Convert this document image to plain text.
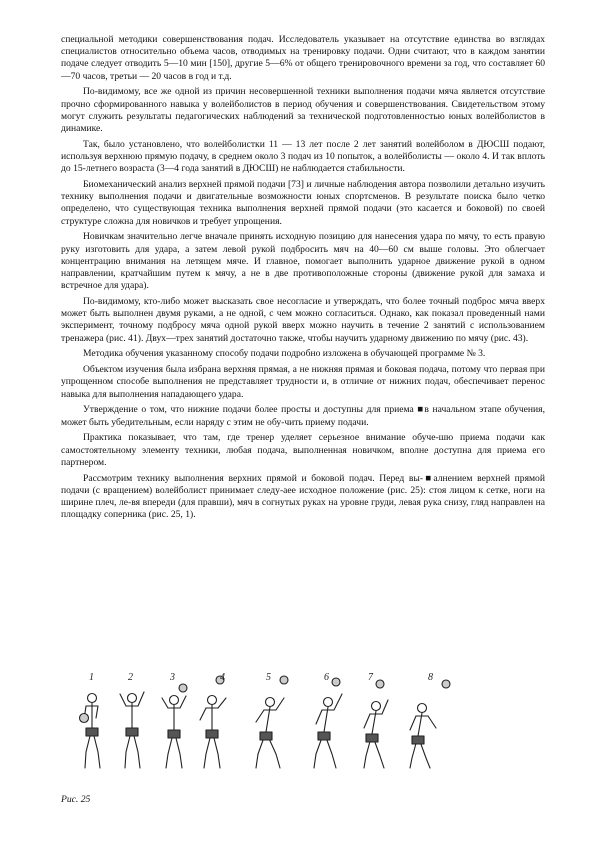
специальной методики совершенствования подач. Исследователь указывает на отсутствие единства во взглядах специалистов относительно объема часов, отводимых на тренировку подачи. Одни считают, что в каждом занятии подаче следует отводить 5—10 мин [150], другие 5—6% от общего тренировочного времени за год, что составляет 60—70 часов, третьи — 20 часов в год и т.д.

По-видимому, все же одной из причин несовершенной техники выполнения подачи мяча является отсутствие прочно сформированного навыка у волейболистов в период обучения и совершенствования. Свидетельством этому могут служить результаты педагогических наблюдений за технической подготовленностью юных волейболистов в динамике.

Так, было установлено, что волейболистки 11 — 13 лет после 2 лет занятий волейболом в ДЮСШ подают, используя верхнюю прямую подачу, в среднем около 3 подач из 10 попыток, а волейболисты — около 4. И так вплоть до 15-летнего возраста (3—4 года занятий в ДЮСШ) не наблюдается стабильности.

Биомеханический анализ верхней прямой подачи [73] и личные наблюдения автора позволили детально изучить технику выполнения подачи и двигательные возможности юных спортсменов. В результате поиска было четко определено, что существующая техника выполнения верхней прямой подачи (это касается и боковой) по своей структуре сложна для новичков и требует упрощения.

Новичкам значительно легче вначале принять исходную позицию для нанесения удара по мячу, то есть правую руку изготовить для удара, а затем левой рукой подбросить мяч на 40—60 см выше головы. Это облегчает концентрацию внимания на летящем мяче. И главное, помогает выполнить ударное движение рукой в одном направлении, кратчайшим путем к мячу, а не в две противоположные стороны (движение рукой для замаха и встречное для удара).

По-видимому, кто-либо может высказать свое несогласие и утверждать, что более точный подброс мяча вверх может быть выполнен двумя руками, а не одной, с чем можно согласиться. Однако, как показал проведенный нами эксперимент, точному подбросу мяча одной рукой вверх можно научить в течение 2 занятий с использованием тренажера (рис. 41). Двух—трех занятий достаточно также, чтобы научить ударному движению по мячу (рис. 43).

Методика обучения указанному способу подачи подробно изложена в обучающей программе № 3.

Объектом изучения была избрана верхняя прямая, а не нижняя прямая и боковая подача, потому что первая при упрощенном способе выполнения не представляет трудности и, в отличие от нижних подач, обеспечивает перенос навыка для выполнения нападающего удара.

Утверждение о том, что нижние подачи более просты и доступны для приема ■в начальном этапе обучения, может быть убедительным, если наряду с этим не обу-чить приему подачи.

Практика показывает, что там, где тренер уделяет серьезное внимание обуче-шю приема подачи как самостоятельному элементу техники, любая подача, выполненная новичком, вполне доступна для приема его партнером.

Рассмотрим технику выполнения верхних прямой и боковой подач. Перед вы-■алнением верхней прямой подачи (с вращением) волейболист принимает следу-аее исходное положение (рис. 25): стоя лицом к сетке, ноги на ширине плеч, ле-вя впереди (для правши), мяч в согнутых руках на уровне груди, левая рука снизу, гляд направлен на площадку соперника (рис. 25, 1).

1	2	3	4	5	6	7	8
Рис. 25
